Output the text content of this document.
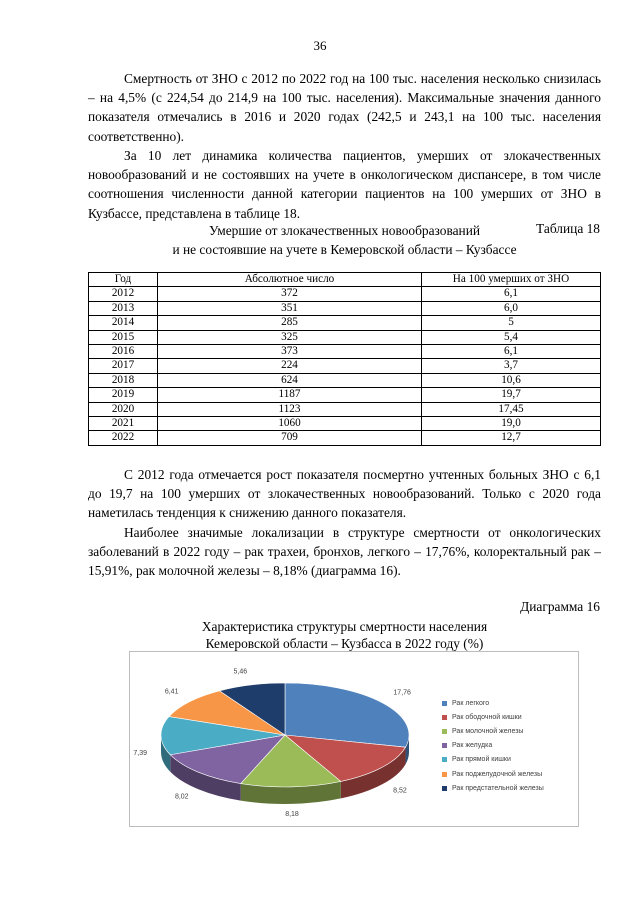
36

Смертность от ЗНО с 2012 по 2022 год на 100 тыс. населения несколько снизилась – на 4,5% (с 224,54 до 214,9 на 100 тыс. населения). Максимальные значения данного показателя отмечались в 2016 и 2020 годах (242,5 и 243,1 на 100 тыс. населения соответственно).

За 10 лет динамика количества пациентов, умерших от злокачественных новообразований и не состоявших на учете в онкологическом диспансере, в том числе соотношения численности данной категории пациентов на 100 умерших от ЗНО в Кузбассе, представлена в таблице 18.

Таблица 18
Умершие от злокачественных новообразований
и не состоявшие на учете в Кемеровской области – Кузбассе
Год	Абсолютное число	На 100 умерших от ЗНО
2012	372	6,1
2013	351	6,0
2014	285	5
2015	325	5,4
2016	373	6,1
2017	224	3,7
2018	624	10,6
2019	1187	19,7
2020	1123	17,45
2021	1060	19,0
2022	709	12,7

С 2012 года отмечается рост показателя посмертно учтенных больных ЗНО с 6,1 до 19,7 на 100 умерших от злокачественных новообразований. Только с 2020 года наметилась тенденция к снижению данного показателя.

Наиболее значимые локализации в структуре смертности от онкологических заболеваний в 2022 году – рак трахеи, бронхов, легкого – 17,76%, колоректальный рак – 15,91%, рак молочной железы – 8,18% (диаграмма 16).

Диаграмма 16
Характеристика структуры смертности населения
Кемеровской области – Кузбасса в 2022 году (%)
17,76
8,52
8,18
8,02
7,39
6,41
5,46
Рак легкого
Рак ободочной кишки
Рак молочной железы
Рак желудка
Рак прямой кишки
Рак поджелудочной железы
Рак предстательной железы
